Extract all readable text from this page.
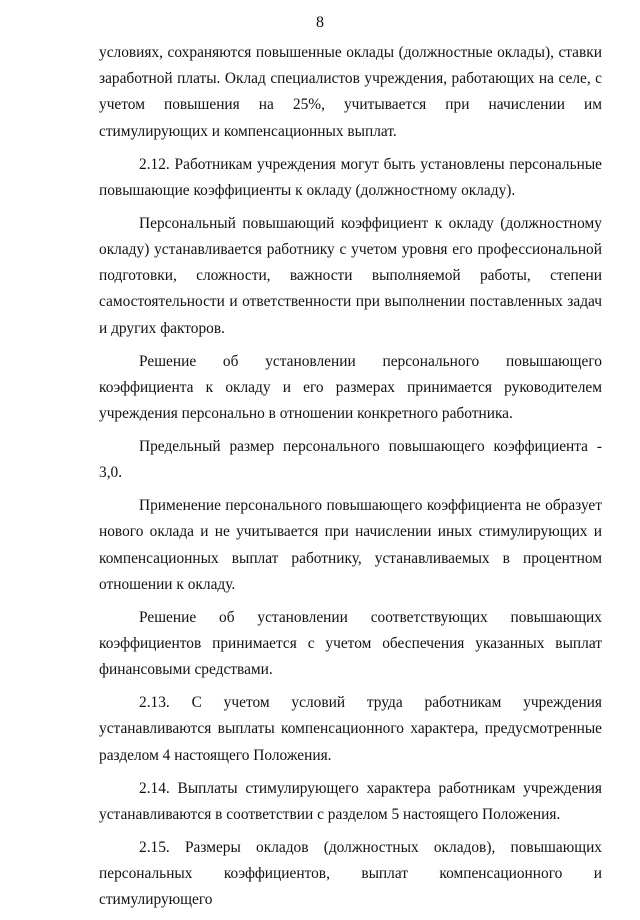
8

условиях, сохраняются повышенные оклады (должностные оклады), ставки заработной платы. Оклад специалистов учреждения, работающих на селе, с учетом повышения на 25%, учитывается при начислении им стимулирующих и компенсационных выплат.

2.12. Работникам учреждения могут быть установлены персональные повышающие коэффициенты к окладу (должностному окладу).

Персональный повышающий коэффициент к окладу (должностному окладу) устанавливается работнику с учетом уровня его профессиональной подготовки, сложности, важности выполняемой работы, степени самостоятельности и ответственности при выполнении поставленных задач и других факторов.

Решение об установлении персонального повышающего коэффициента к окладу и его размерах принимается руководителем учреждения персонально в отношении конкретного работника.

Предельный размер персонального повышающего коэффициента - 3,0.

Применение персонального повышающего коэффициента не образует нового оклада и не учитывается при начислении иных стимулирующих и компенсационных выплат работнику, устанавливаемых в процентном отношении к окладу.

Решение об установлении соответствующих повышающих коэффициентов принимается с учетом обеспечения указанных выплат финансовыми средствами.

2.13. С учетом условий труда работникам учреждения устанавливаются выплаты компенсационного характера, предусмотренные разделом 4 настоящего Положения.

2.14. Выплаты стимулирующего характера работникам учреждения устанавливаются в соответствии с разделом 5 настоящего Положения.

2.15. Размеры окладов (должностных окладов), повышающих персональных коэффициентов, выплат компенсационного и стимулирующего
